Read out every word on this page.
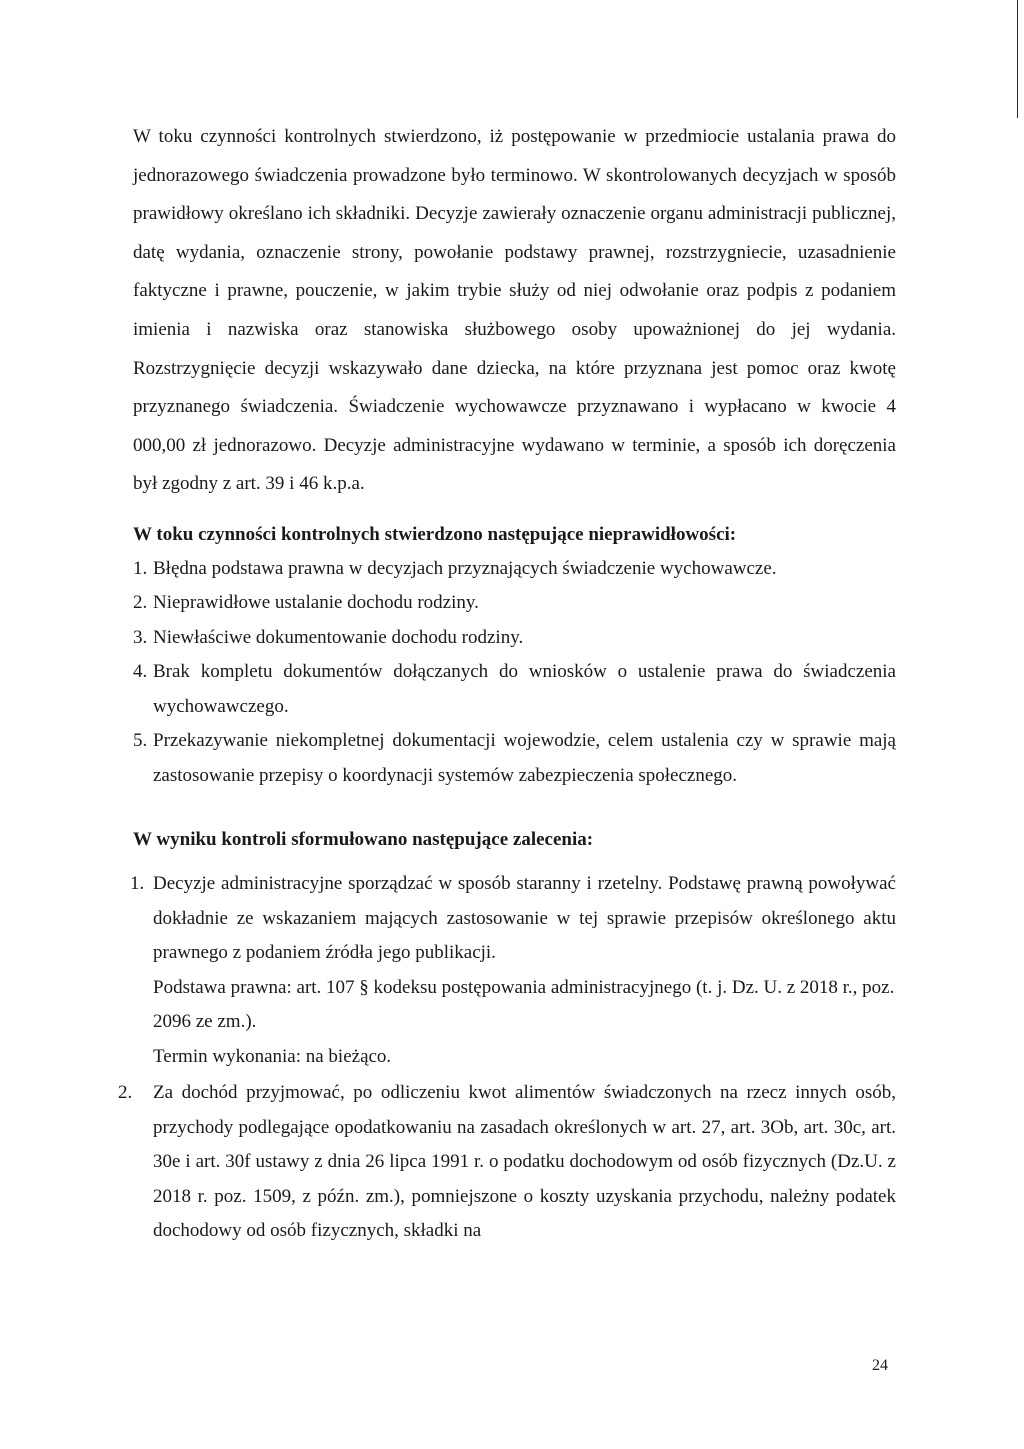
W toku czynności kontrolnych stwierdzono, iż postępowanie w przedmiocie ustalania prawa do jednorazowego świadczenia prowadzone było terminowo. W skontrolowanych decyzjach w sposób prawidłowy określano ich składniki. Decyzje zawierały oznaczenie organu administracji publicznej, datę wydania, oznaczenie strony, powołanie podstawy prawnej, rozstrzygniecie, uzasadnienie faktyczne i prawne, pouczenie, w jakim trybie służy od niej odwołanie oraz podpis z podaniem imienia i nazwiska oraz stanowiska służbowego osoby upoważnionej do jej wydania. Rozstrzygnięcie decyzji wskazywało dane dziecka, na które przyznana jest pomoc oraz kwotę przyznanego świadczenia. Świadczenie wychowawcze przyznawano i wypłacano w kwocie 4 000,00 zł jednorazowo. Decyzje administracyjne wydawano w terminie, a sposób ich doręczenia był zgodny z art. 39 i 46 k.p.a.

W toku czynności kontrolnych stwierdzono następujące nieprawidłowości:

1. Błędna podstawa prawna w decyzjach przyznających świadczenie wychowawcze.
2. Nieprawidłowe ustalanie dochodu rodziny.
3. Niewłaściwe dokumentowanie dochodu rodziny.
4. Brak kompletu dokumentów dołączanych do wniosków o ustalenie prawa do świadczenia wychowawczego.
5. Przekazywanie niekompletnej dokumentacji wojewodzie, celem ustalenia czy w sprawie mają zastosowanie przepisy o koordynacji systemów zabezpieczenia społecznego.

W wyniku kontroli sformułowano następujące zalecenia:

1. Decyzje administracyjne sporządzać w sposób staranny i rzetelny. Podstawę prawną powoływać dokładnie ze wskazaniem mających zastosowanie w tej sprawie przepisów określonego aktu prawnego z podaniem źródła jego publikacji.
Podstawa prawna: art. 107 § kodeksu postępowania administracyjnego (t. j. Dz. U. z 2018 r., poz. 2096 ze zm.).
Termin wykonania: na bieżąco.
2. Za dochód przyjmować, po odliczeniu kwot alimentów świadczonych na rzecz innych osób, przychody podlegające opodatkowaniu na zasadach określonych w art. 27, art. 3Ob, art. 30c, art. 30e i art. 30f ustawy z dnia 26 lipca 1991 r. o podatku dochodowym od osób fizycznych (Dz.U. z 2018 r. poz. 1509, z późn. zm.), pomniejszone o koszty uzyskania przychodu, należny podatek dochodowy od osób fizycznych, składki na
24
